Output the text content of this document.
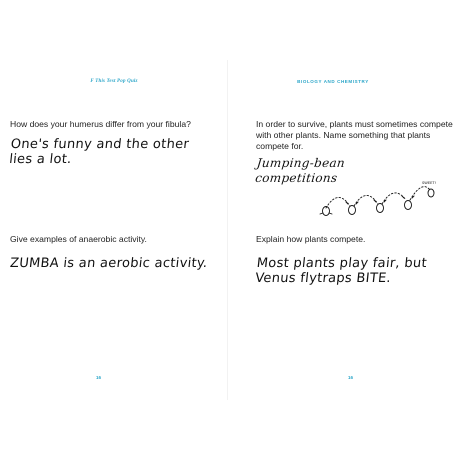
F This Test Pop Quiz
How does your humerus differ from your fibula?
One's funny and the other
lies a lot.
Give examples of anaerobic activity.
ZUMBA is an aerobic activity.
16
BIOLOGY AND CHEMISTRY
In order to survive, plants must sometimes compete with other plants. Name something that plants compete for.
Jumping-bean
competitions
Explain how plants compete.
Most plants play fair, but
Venus flytraps BITE.
16
SWEET!
